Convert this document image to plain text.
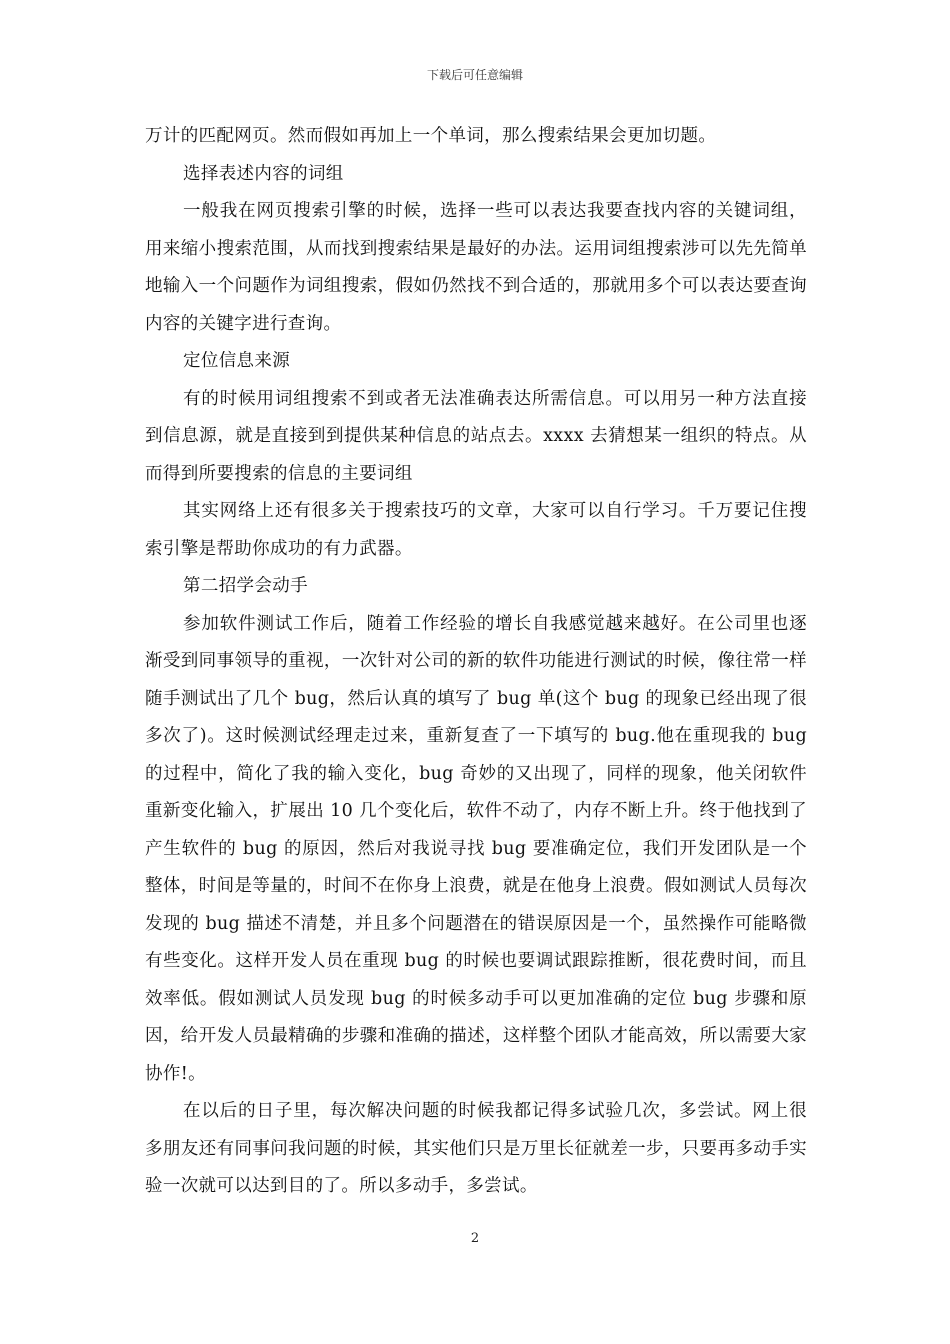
下载后可任意编辑

万计的匹配网页。然而假如再加上一个单词，那么搜索结果会更加切题。

选择表述内容的词组

一般我在网页搜索引擎的时候，选择一些可以表达我要查找内容的关键词组，用来缩小搜索范围，从而找到搜索结果是最好的办法。运用词组搜索涉可以先先简单地输入一个问题作为词组搜索，假如仍然找不到合适的，那就用多个可以表达要查询内容的关键字进行查询。

定位信息来源

有的时候用词组搜索不到或者无法准确表达所需信息。可以用另一种方法直接到信息源，就是直接到到提供某种信息的站点去。xxxx 去猜想某一组织的特点。从而得到所要搜索的信息的主要词组

其实网络上还有很多关于搜索技巧的文章，大家可以自行学习。千万要记住搜索引擎是帮助你成功的有力武器。

第二招学会动手

参加软件测试工作后，随着工作经验的增长自我感觉越来越好。在公司里也逐渐受到同事领导的重视，一次针对公司的新的软件功能进行测试的时候，像往常一样随手测试出了几个 bug，然后认真的填写了 bug 单(这个 bug 的现象已经出现了很多次了)。这时候测试经理走过来，重新复查了一下填写的 bug.他在重现我的 bug 的过程中，简化了我的输入变化，bug 奇妙的又出现了，同样的现象，他关闭软件重新变化输入，扩展出 10 几个变化后，软件不动了，内存不断上升。终于他找到了产生软件的 bug 的原因，然后对我说寻找 bug 要准确定位，我们开发团队是一个整体，时间是等量的，时间不在你身上浪费，就是在他身上浪费。假如测试人员每次发现的 bug 描述不清楚，并且多个问题潜在的错误原因是一个，虽然操作可能略微有些变化。这样开发人员在重现 bug 的时候也要调试跟踪推断，很花费时间，而且效率低。假如测试人员发现 bug 的时候多动手可以更加准确的定位 bug 步骤和原因，给开发人员最精确的步骤和准确的描述，这样整个团队才能高效，所以需要大家协作!。

在以后的日子里，每次解决问题的时候我都记得多试验几次，多尝试。网上很多朋友还有同事问我问题的时候，其实他们只是万里长征就差一步，只要再多动手实验一次就可以达到目的了。所以多动手，多尝试。

2
